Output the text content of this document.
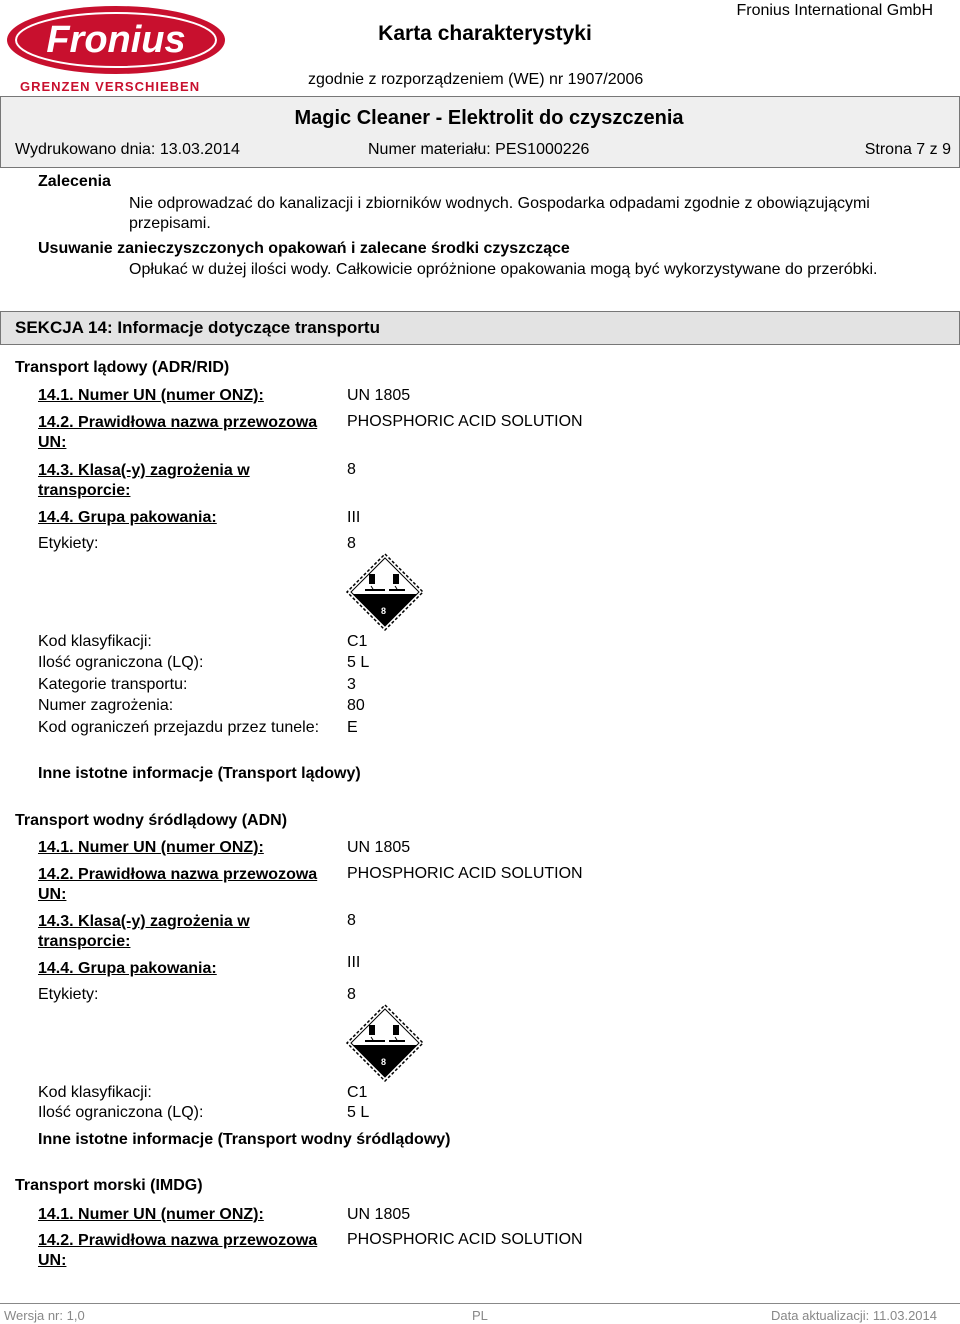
Fronius
GRENZEN VERSCHIEBEN
Karta charakterystyki
Fronius International GmbH
zgodnie z rozporządzeniem (WE) nr 1907/2006
Magic Cleaner - Elektrolit do czyszczenia
Wydrukowano dnia: 13.03.2014	Numer materiału: PES1000226	Strona 7 z 9
Zalecenia
Nie odprowadzać do kanalizacji i zbiorników wodnych. Gospodarka odpadami zgodnie z obowiązującymi przepisami.
Usuwanie zanieczyszczonych opakowań i zalecane środki czyszczące
Opłukać w dużej ilości wody. Całkowicie opróżnione opakowania mogą być wykorzystywane do przeróbki.
SEKCJA 14: Informacje dotyczące transportu
Transport lądowy (ADR/RID)
14.1. Numer UN (numer ONZ):	UN 1805
14.2. Prawidłowa nazwa przewozowa UN:
PHOSPHORIC ACID SOLUTION
14.3. Klasa(-y) zagrożenia w transporcie:
8
14.4. Grupa pakowania:	III
Etykiety:	8
8
Kod klasyfikacji:	C1
Ilość ograniczona (LQ):	5 L
Kategorie transportu:	3
Numer zagrożenia:	80
Kod ograniczeń przejazdu przez tunele: E
Inne istotne informacje (Transport lądowy)
Transport wodny śródlądowy (ADN)
14.1. Numer UN (numer ONZ):	UN 1805
14.2. Prawidłowa nazwa przewozowa UN:
PHOSPHORIC ACID SOLUTION
14.3. Klasa(-y) zagrożenia w transporcie:
8
14.4. Grupa pakowania:	III
Etykiety:	8
8
Kod klasyfikacji:	C1
Ilość ograniczona (LQ):	5 L
Inne istotne informacje (Transport wodny śródlądowy)
Transport morski (IMDG)
14.1. Numer UN (numer ONZ):	UN 1805
14.2. Prawidłowa nazwa przewozowa UN:
PHOSPHORIC ACID SOLUTION
Wersja nr: 1,0	PL	Data aktualizacji: 11.03.2014
